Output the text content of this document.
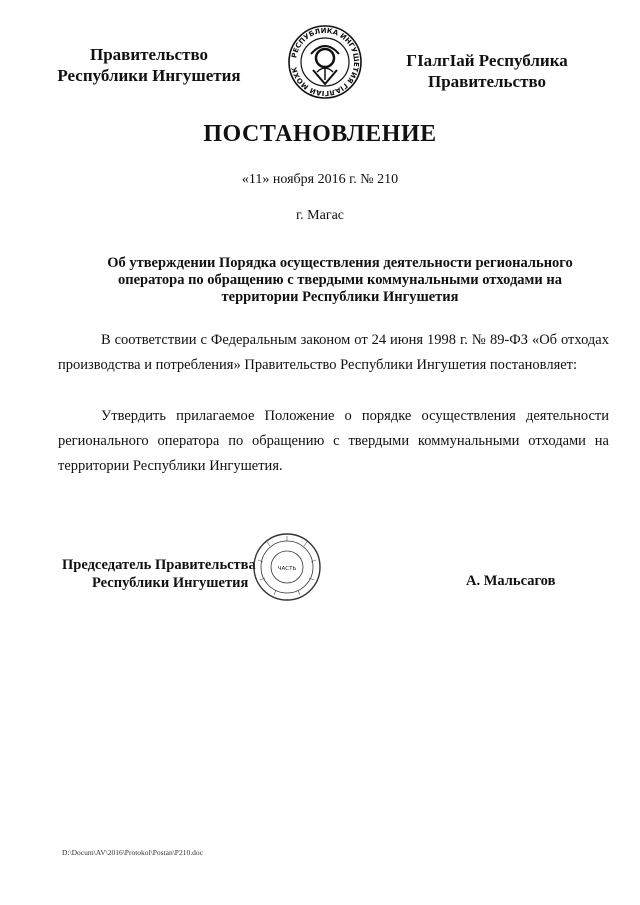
Правительство
Республики Ингушетия
РЕСПУБЛИКА ИНГУШЕТИЯ ГIАЛГIАЙ МОХК	ГIалгIай Республика
Правительство
ПОСТАНОВЛЕНИЕ
«11» ноября 2016 г. № 210
г. Магас
Об утверждении Порядка осуществления деятельности регионального оператора по обращению с твердыми коммунальными отходами на территории Республики Ингушетия
В соответствии с Федеральным законом от 24 июня 1998 г. № 89-ФЗ «Об отходах производства и потребления» Правительство Республики Ингушетия постановляет:
Утвердить прилагаемое Положение о порядке осуществления деятельности регионального оператора по обращению с твердыми коммунальными отходами на территории Республики Ингушетия.
Председатель Правительства
Республики Ингушетия
ЧАСТЬ
А. Мальсагов
D:\Docum\AV\2016\Protokol\Postan\P210.doc
